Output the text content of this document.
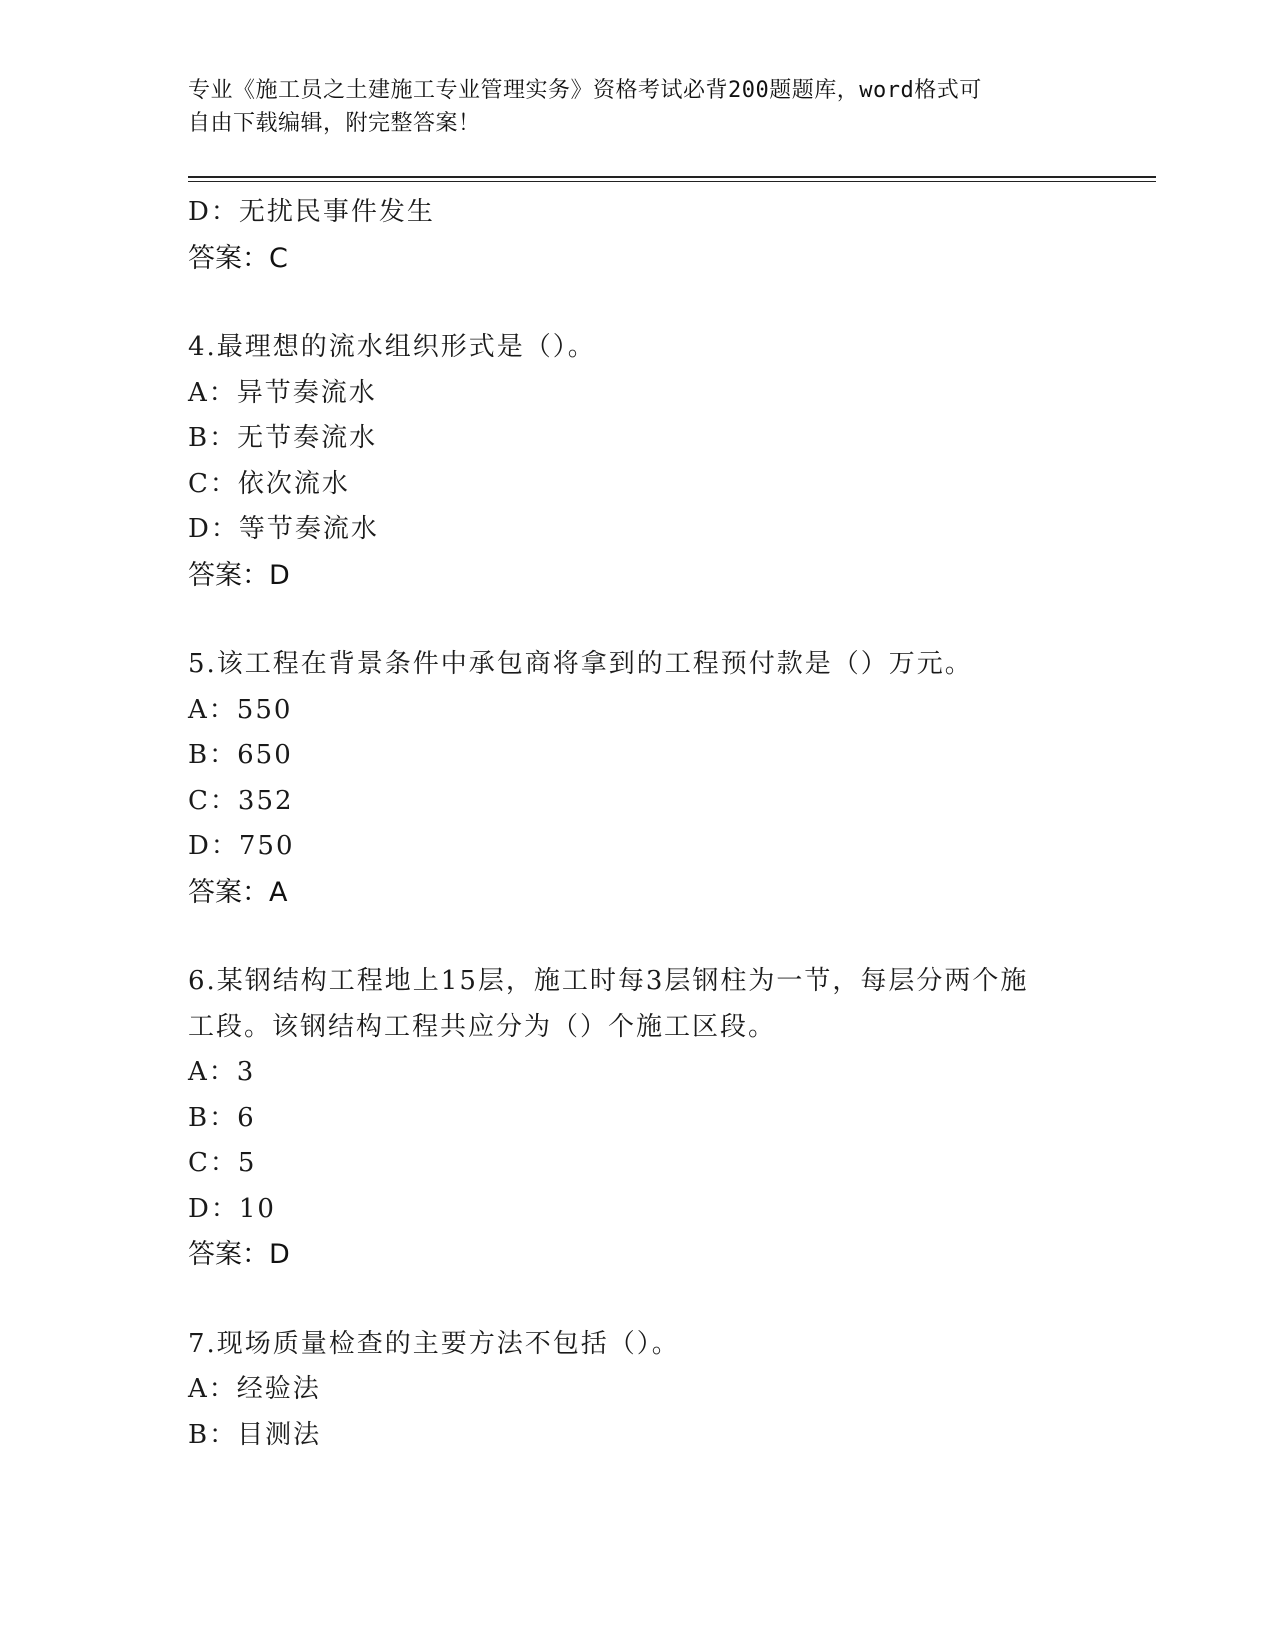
专业《施工员之土建施工专业管理实务》资格考试必背200题题库，word格式可
自由下载编辑，附完整答案！
D：无扰民事件发生
答案：C
4.最理想的流水组织形式是（）。
A：异节奏流水
B：无节奏流水
C：依次流水
D：等节奏流水
答案：D
5.该工程在背景条件中承包商将拿到的工程预付款是（）万元。
A：550
B：650
C：352
D：750
答案：A
6.某钢结构工程地上15层，施工时每3层钢柱为一节，每层分两个施
工段。该钢结构工程共应分为（）个施工区段。
A：3
B：6
C：5
D：10
答案：D
7.现场质量检查的主要方法不包括（）。
A：经验法
B：目测法
